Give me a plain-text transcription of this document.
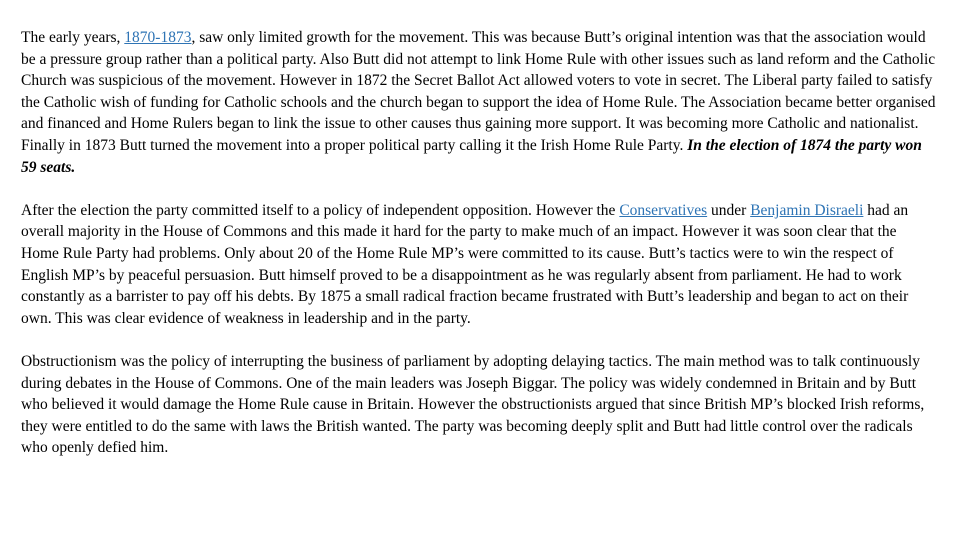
The early years, 1870-1873, saw only limited growth for the movement. This was because Butt’s original intention was that the association would be a pressure group rather than a political party. Also Butt did not attempt to link Home Rule with other issues such as land reform and the Catholic Church was suspicious of the movement. However in 1872 the Secret Ballot Act allowed voters to vote in secret. The Liberal party failed to satisfy the Catholic wish of funding for Catholic schools and the church began to support the idea of Home Rule. The Association became better organised and financed and Home Rulers began to link the issue to other causes thus gaining more support. It was becoming more Catholic and nationalist. Finally in 1873 Butt turned the movement into a proper political party calling it the Irish Home Rule Party. In the election of 1874 the party won 59 seats.

After the election the party committed itself to a policy of independent opposition. However the Conservatives under Benjamin Disraeli had an overall majority in the House of Commons and this made it hard for the party to make much of an impact. However it was soon clear that the Home Rule Party had problems. Only about 20 of the Home Rule MP’s were committed to its cause. Butt’s tactics were to win the respect of English MP’s by peaceful persuasion. Butt himself proved to be a disappointment as he was regularly absent from parliament. He had to work constantly as a barrister to pay off his debts. By 1875 a small radical fraction became frustrated with Butt’s leadership and began to act on their own. This was clear evidence of weakness in leadership and in the party.

Obstructionism was the policy of interrupting the business of parliament by adopting delaying tactics. The main method was to talk continuously during debates in the House of Commons. One of the main leaders was Joseph Biggar. The policy was widely condemned in Britain and by Butt who believed it would damage the Home Rule cause in Britain. However the obstructionists argued that since British MP’s blocked Irish reforms, they were entitled to do the same with laws the British wanted. The party was becoming deeply split and Butt had little control over the radicals who openly defied him.
